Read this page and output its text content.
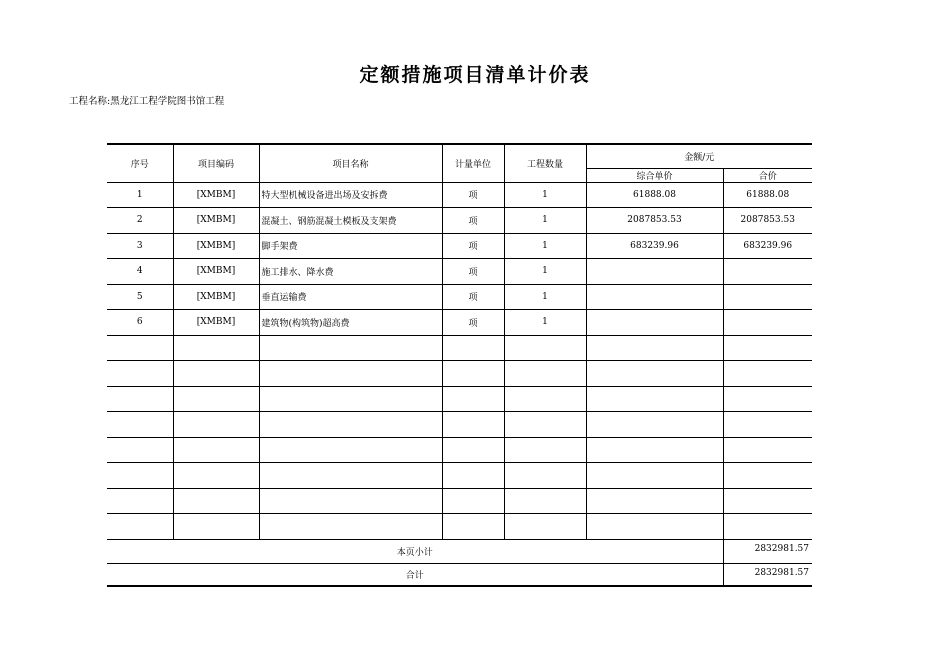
定额措施项目清单计价表
工程名称:黑龙江工程学院图书馆工程
序号	项目编码	项目名称	计量单位	工程数量	金额/元	
					综合单价	合价
1	[XMBM]	特大型机械设备进出场及安拆费	项	1	61888.08	61888.08
2	[XMBM]	混凝土、钢筋混凝土模板及支架费	项	1	2087853.53	2087853.53
3	[XMBM]	脚手架费	项	1	683239.96	683239.96
4	[XMBM]	施工排水、降水费	项	1		
5	[XMBM]	垂直运输费	项	1		
6	[XMBM]	建筑物(构筑物)超高费	项	1		

本页小计						2832981.57
合计						2832981.57
